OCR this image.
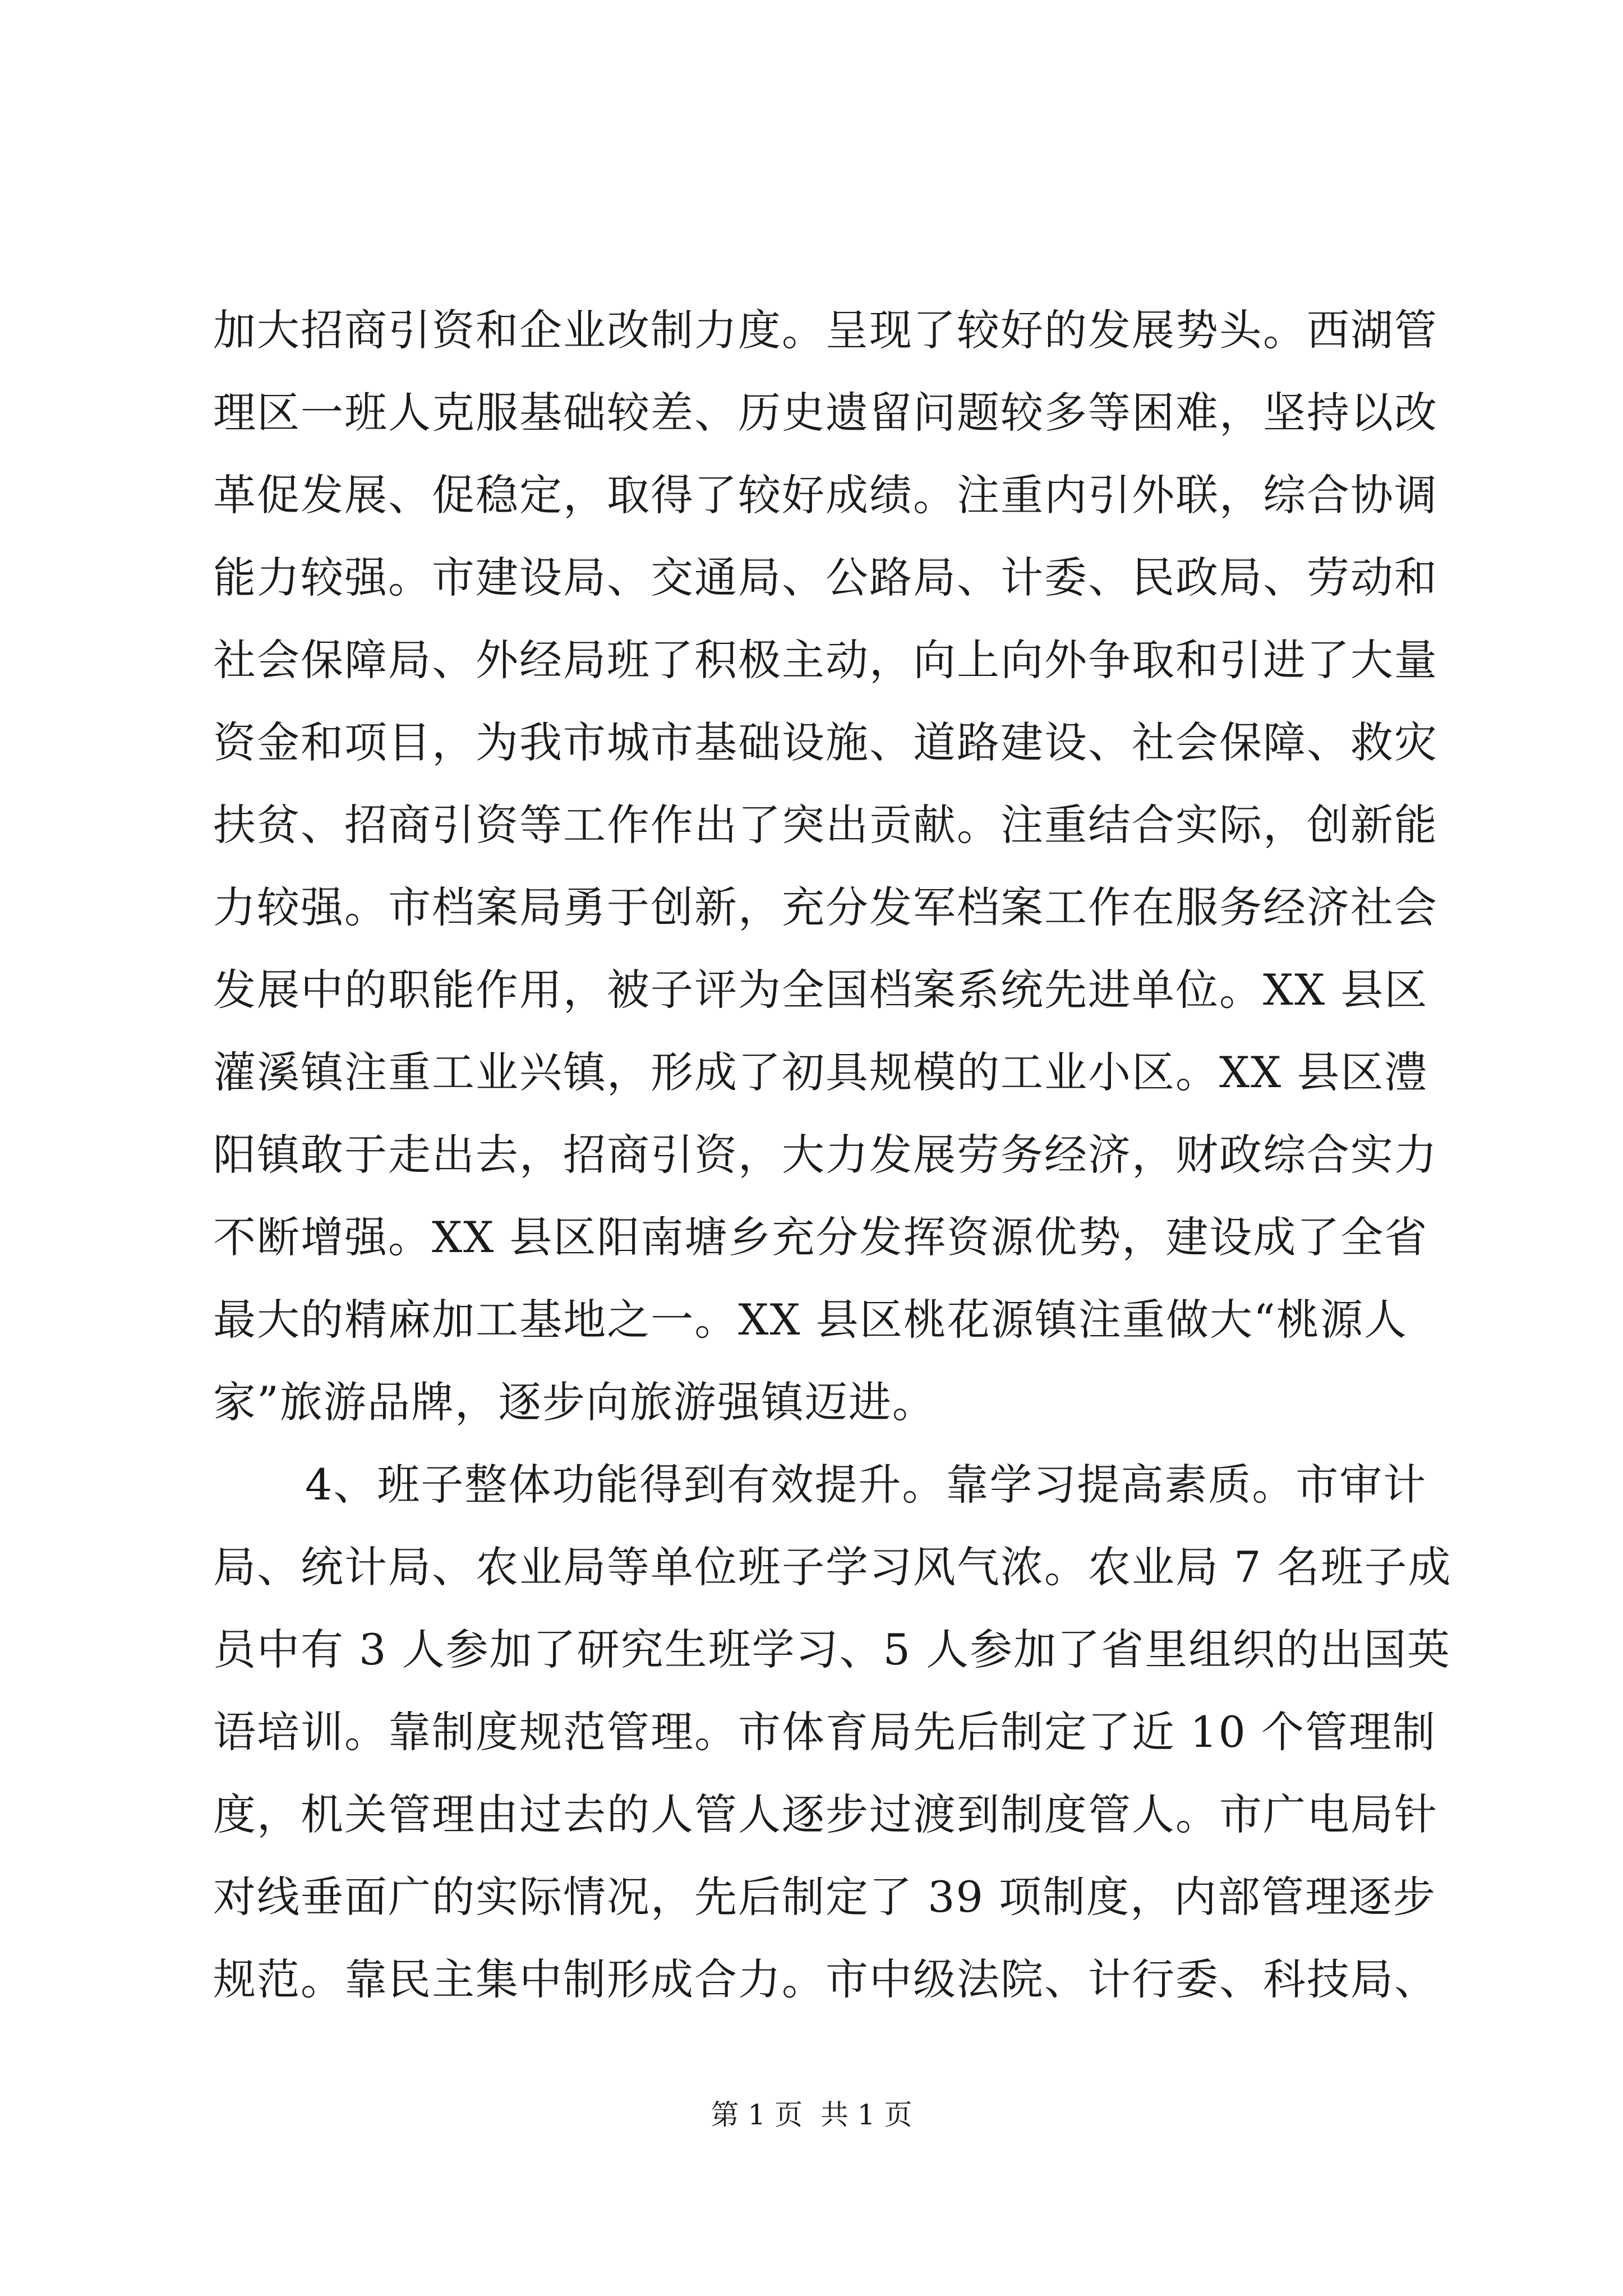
加大招商引资和企业改制力度。呈现了较好的发展势头。西湖管
理区一班人克服基础较差、历史遗留问题较多等困难，坚持以改
革促发展、促稳定，取得了较好成绩。注重内引外联，综合协调
能力较强。市建设局、交通局、公路局、计委、民政局、劳动和
社会保障局、外经局班了积极主动，向上向外争取和引进了大量
资金和项目，为我市城市基础设施、道路建设、社会保障、救灾
扶贫、招商引资等工作作出了突出贡献。注重结合实际，创新能
力较强。市档案局勇于创新，充分发军档案工作在服务经济社会
发展中的职能作用，被子评为全国档案系统先进单位。XX 县区
灌溪镇注重工业兴镇，形成了初具规模的工业小区。XX 县区澧
阳镇敢于走出去，招商引资，大力发展劳务经济，财政综合实力
不断增强。XX 县区阳南塘乡充分发挥资源优势，建设成了全省
最大的精麻加工基地之一。XX 县区桃花源镇注重做大“桃源人
家”旅游品牌，逐步向旅游强镇迈进。
4、班子整体功能得到有效提升。靠学习提高素质。市审计
局、统计局、农业局等单位班子学习风气浓。农业局 7 名班子成
员中有 3 人参加了研究生班学习、5 人参加了省里组织的出国英
语培训。靠制度规范管理。市体育局先后制定了近 10 个管理制
度，机关管理由过去的人管人逐步过渡到制度管人。市广电局针
对线垂面广的实际情况，先后制定了 39 项制度，内部管理逐步
规范。靠民主集中制形成合力。市中级法院、计行委、科技局、
第 1 页  共 1 页
